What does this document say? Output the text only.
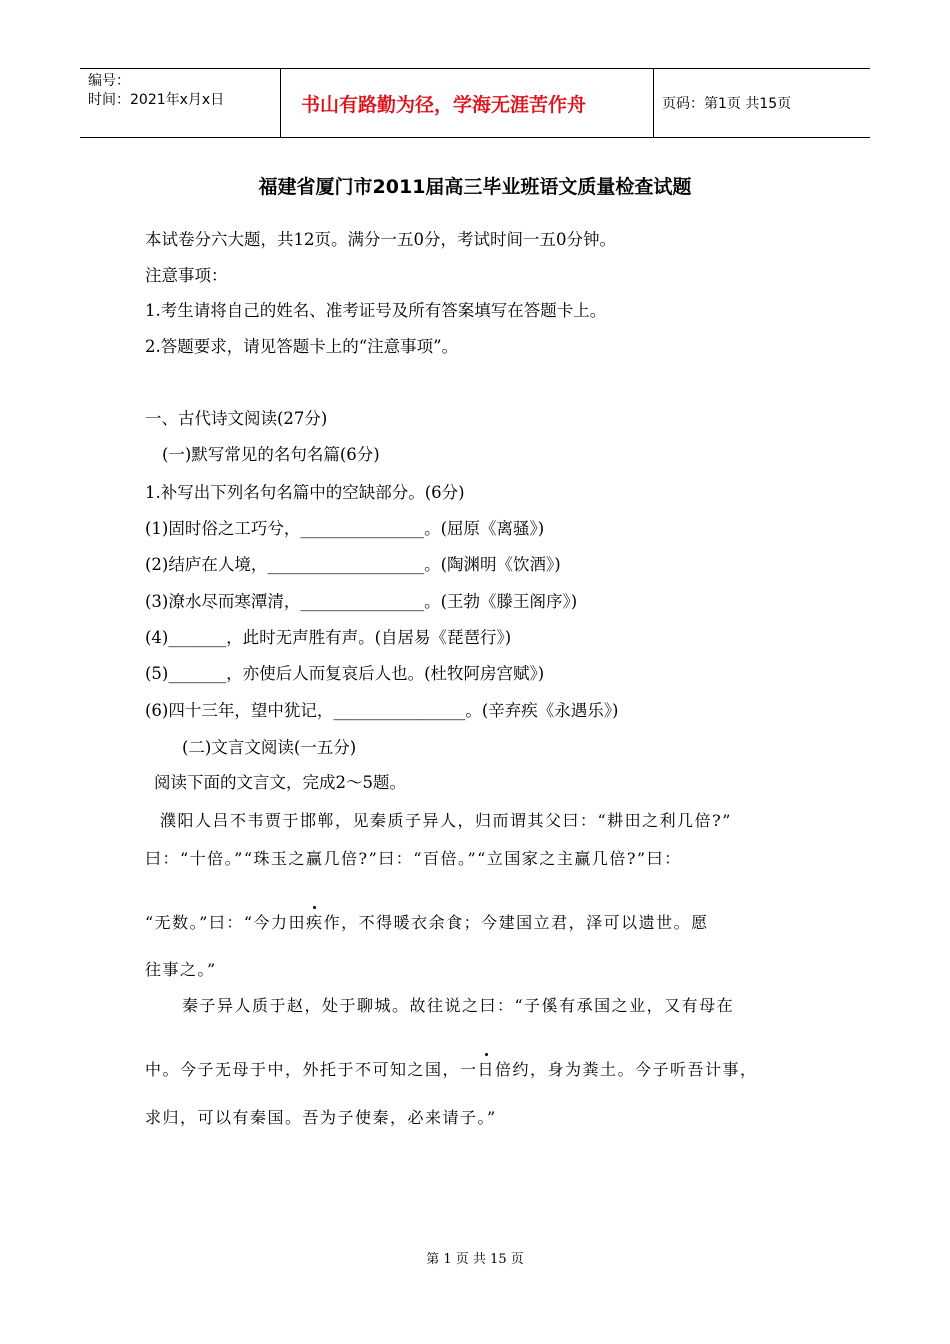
编号：
时间：2021年x月x日	书山有路勤为径，学海无涯苦作舟	页码：第1页 共15页
福建省厦门市2011届高三毕业班语文质量检查试题
本试卷分六大题，共12页。满分一五0分，考试时间一五0分钟。
注意事项：
1.考生请将自己的姓名、准考证号及所有答案填写在答题卡上。
2.答题要求，请见答题卡上的“注意事项”。
一、古代诗文阅读(27分)
(一)默写常见的名句名篇(6分)
1.补写出下列名句名篇中的空缺部分。(6分)
(1)固时俗之工巧兮，_______________。(屈原《离骚》)
(2)结庐在人境，___________________。(陶渊明《饮酒》)
(3)潦水尽而寒潭清，_______________。(王勃《滕王阁序》)
(4)_______，此时无声胜有声。(自居易《琵琶行》)
(5)_______，亦使后人而复哀后人也。(杜牧阿房宫赋》)
(6)四十三年，望中犹记，________________。(辛弃疾《永遇乐》)
(二)文言文阅读(一五分)
阅读下面的文言文，完成2～5题。
濮阳人吕不韦贾于邯郸，见秦质子异人，归而谓其父曰：“耕田之利几倍?”
曰：“十倍。”“珠玉之赢几倍?”曰：“百倍。”“立国家之主赢几倍?”曰：
“无数。”曰：“今力田疾作，不得暖衣余食；今建国立君，泽可以遗世。愿
往事之。”
秦子异人质于赵，处于聊城。故往说之曰：“子傒有承国之业，又有母在
中。今子无母于中，外托于不可知之国，一日倍约，身为粪土。今子听吾计事，
求归，可以有秦国。吾为子使秦，必来请子。”
第 1 页 共 15 页
